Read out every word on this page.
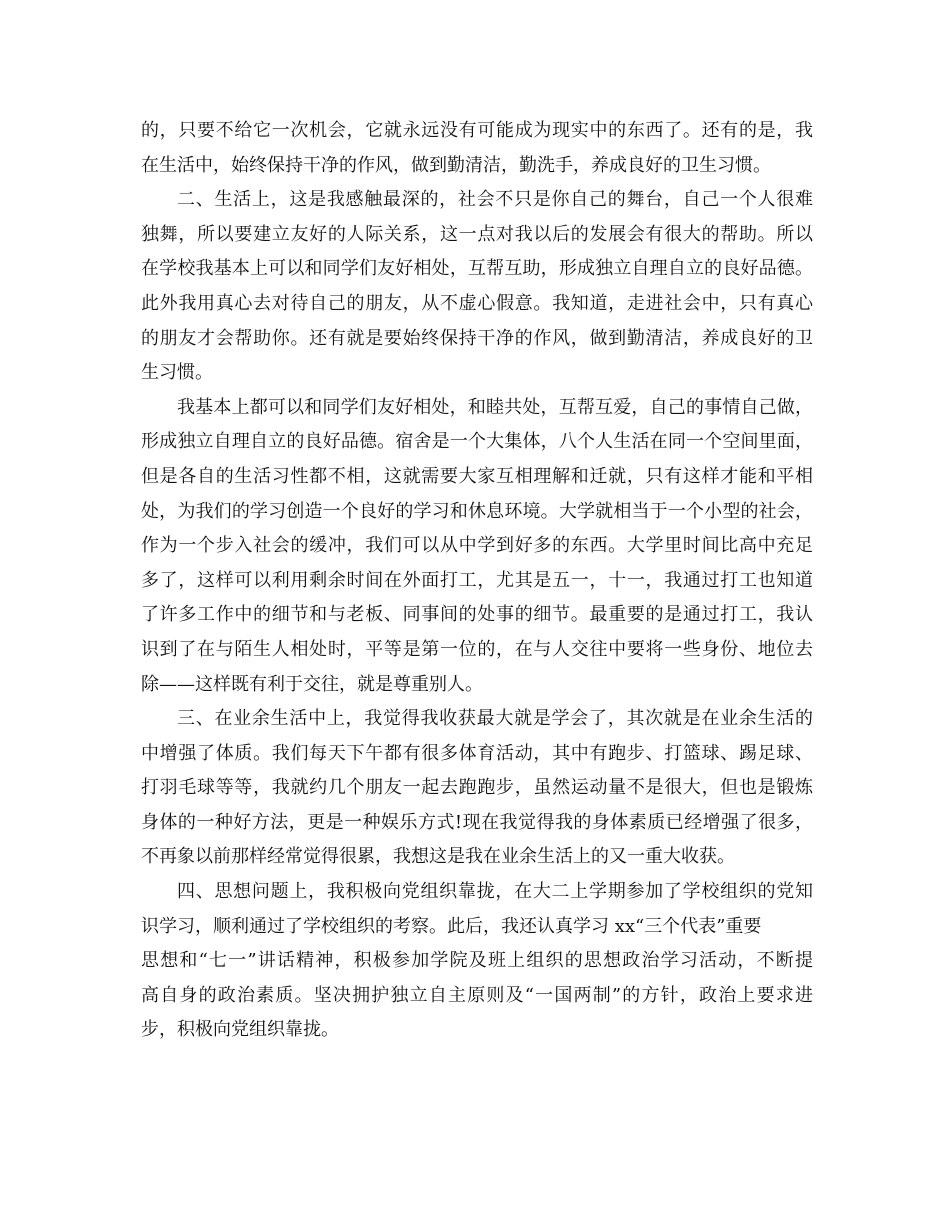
的，只要不给它一次机会，它就永远没有可能成为现实中的东西了。还有的是，我
在生活中，始终保持干净的作风，做到勤清洁，勤洗手，养成良好的卫生习惯。
二、生活上，这是我感触最深的，社会不只是你自己的舞台，自己一个人很难
独舞，所以要建立友好的人际关系，这一点对我以后的发展会有很大的帮助。所以
在学校我基本上可以和同学们友好相处，互帮互助，形成独立自理自立的良好品德。
此外我用真心去对待自己的朋友，从不虚心假意。我知道，走进社会中，只有真心
的朋友才会帮助你。还有就是要始终保持干净的作风，做到勤清洁，养成良好的卫
生习惯。
我基本上都可以和同学们友好相处，和睦共处，互帮互爱，自己的事情自己做，
形成独立自理自立的良好品德。宿舍是一个大集体，八个人生活在同一个空间里面，
但是各自的生活习性都不相，这就需要大家互相理解和迁就，只有这样才能和平相
处，为我们的学习创造一个良好的学习和休息环境。大学就相当于一个小型的社会，
作为一个步入社会的缓冲，我们可以从中学到好多的东西。大学里时间比高中充足
多了，这样可以利用剩余时间在外面打工，尤其是五一，十一，我通过打工也知道
了许多工作中的细节和与老板、同事间的处事的细节。最重要的是通过打工，我认
识到了在与陌生人相处时，平等是第一位的，在与人交往中要将一些身份、地位去
除——这样既有利于交往，就是尊重别人。
三、在业余生活中上，我觉得我收获最大就是学会了，其次就是在业余生活的
中增强了体质。我们每天下午都有很多体育活动，其中有跑步、打篮球、踢足球、
打羽毛球等等，我就约几个朋友一起去跑跑步，虽然运动量不是很大，但也是锻炼
身体的一种好方法，更是一种娱乐方式!现在我觉得我的身体素质已经增强了很多，
不再象以前那样经常觉得很累，我想这是我在业余生活上的又一重大收获。
四、思想问题上，我积极向党组织靠拢，在大二上学期参加了学校组织的党知
识学习，顺利通过了学校组织的考察。此后，我还认真学习 xx“三个代表”重要
思想和“七一”讲话精神，积极参加学院及班上组织的思想政治学习活动，不断提
高自身的政治素质。坚决拥护独立自主原则及“一国两制”的方针，政治上要求进
步，积极向党组织靠拢。
